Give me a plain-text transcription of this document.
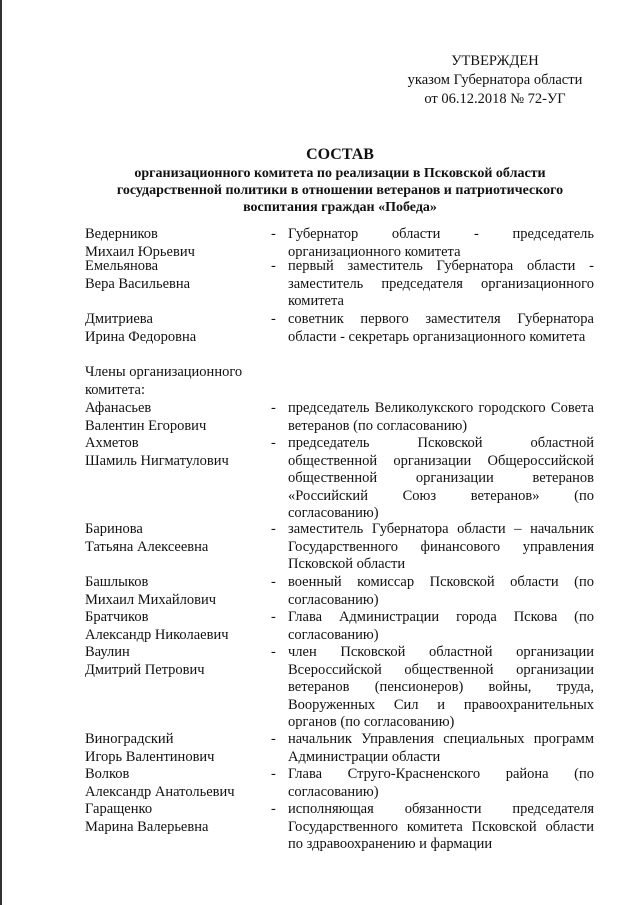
УТВЕРЖДЕН
указом Губернатора области
от 06.12.2018 № 72-УГ
СОСТАВ
организационного комитета по реализации в Псковской области
государственной политики в отношении ветеранов и патриотического
воспитания граждан «Победа»
Ведерников
Михаил Юрьевич
- Губернатор области - председатель организационного комитета
Емельянова
Вера Васильевна
- первый заместитель Губернатора области - заместитель председателя организационного комитета
Дмитриева
Ирина Федоровна
- советник первого заместителя Губернатора области - секретарь организационного комитета
Члены организационного
комитета:
Афанасьев
Валентин Егорович
- председатель Великолукского городского Совета ветеранов (по согласованию)
Ахметов
Шамиль Нигматулович
- председатель Псковской областной общественной организации Общероссийской общественной организации ветеранов «Российский Союз ветеранов» (по согласованию)
Баринова
Татьяна Алексеевна
- заместитель Губернатора области – начальник Государственного финансового управления Псковской области
Башлыков
Михаил Михайлович
- военный комиссар Псковской области (по согласованию)
Братчиков
Александр Николаевич
- Глава Администрации города Пскова (по согласованию)
Ваулин
Дмитрий Петрович
- член Псковской областной организации Всероссийской общественной организации ветеранов (пенсионеров) войны, труда, Вооруженных Сил и правоохранительных органов (по согласованию)
Виноградский
Игорь Валентинович
- начальник Управления специальных программ Администрации области
Волков
Александр Анатольевич
- Глава Струго-Красненского района (по согласованию)
Гаращенко
Марина Валерьевна
- исполняющая обязанности председателя Государственного комитета Псковской области по здравоохранению и фармации
